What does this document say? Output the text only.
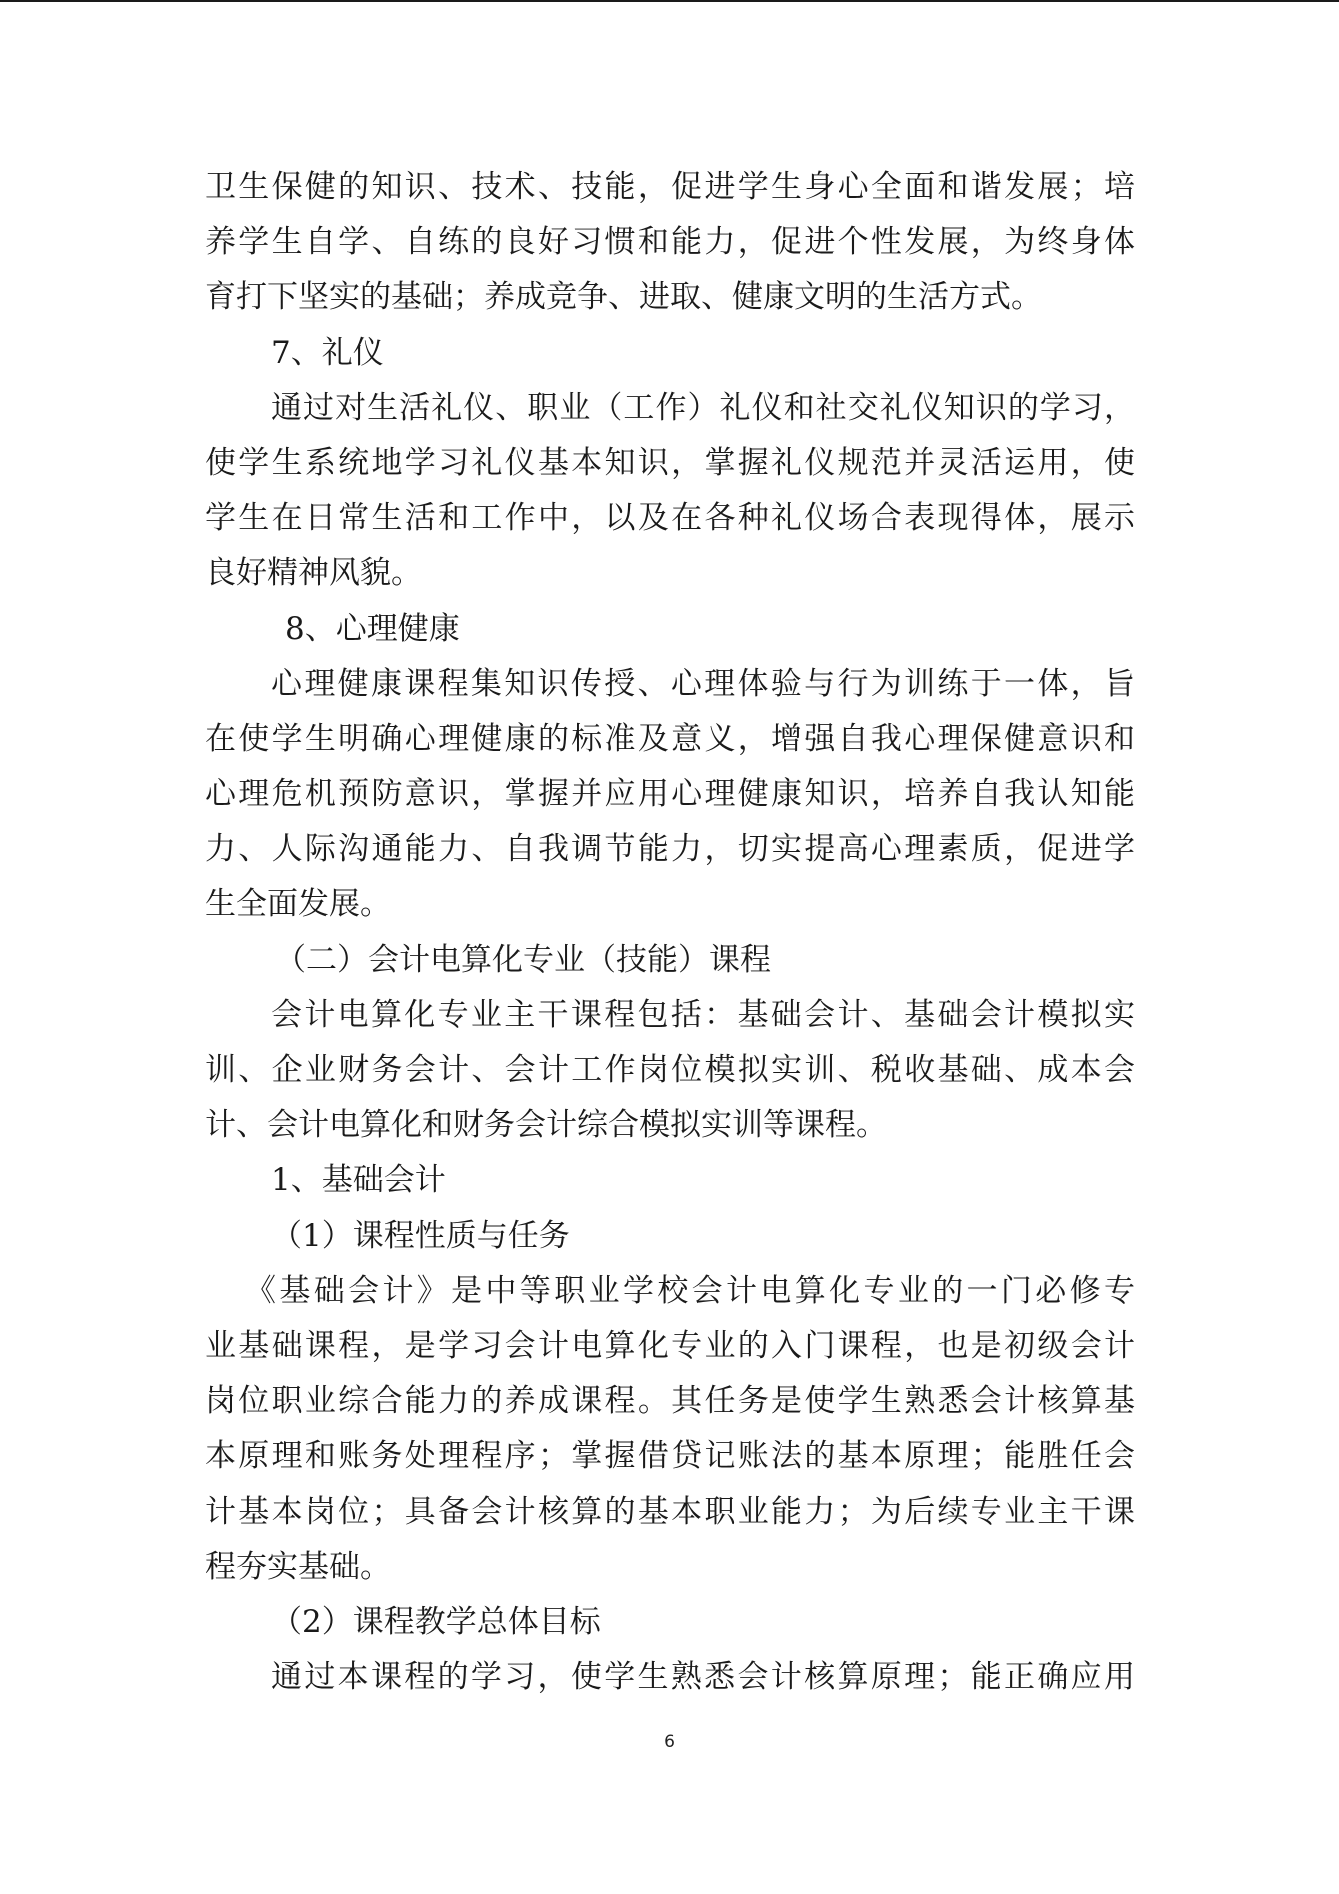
卫生保健的知识、技术、技能，促进学生身心全面和谐发展；培
养学生自学、自练的良好习惯和能力，促进个性发展，为终身体
育打下坚实的基础；养成竞争、进取、健康文明的生活方式。
7、礼仪
通过对生活礼仪、职业（工作）礼仪和社交礼仪知识的学习，
使学生系统地学习礼仪基本知识，掌握礼仪规范并灵活运用，使
学生在日常生活和工作中，以及在各种礼仪场合表现得体，展示
良好精神风貌。
8、心理健康
心理健康课程集知识传授、心理体验与行为训练于一体，旨
在使学生明确心理健康的标准及意义，增强自我心理保健意识和
心理危机预防意识，掌握并应用心理健康知识，培养自我认知能
力、人际沟通能力、自我调节能力，切实提高心理素质，促进学
生全面发展。
（二）会计电算化专业（技能）课程
会计电算化专业主干课程包括：基础会计、基础会计模拟实
训、企业财务会计、会计工作岗位模拟实训、税收基础、成本会
计、会计电算化和财务会计综合模拟实训等课程。
1、基础会计
（1）课程性质与任务
《基础会计》是中等职业学校会计电算化专业的一门必修专
业基础课程，是学习会计电算化专业的入门课程，也是初级会计
岗位职业综合能力的养成课程。其任务是使学生熟悉会计核算基
本原理和账务处理程序；掌握借贷记账法的基本原理；能胜任会
计基本岗位；具备会计核算的基本职业能力；为后续专业主干课
程夯实基础。
（2）课程教学总体目标
通过本课程的学习，使学生熟悉会计核算原理；能正确应用
6
